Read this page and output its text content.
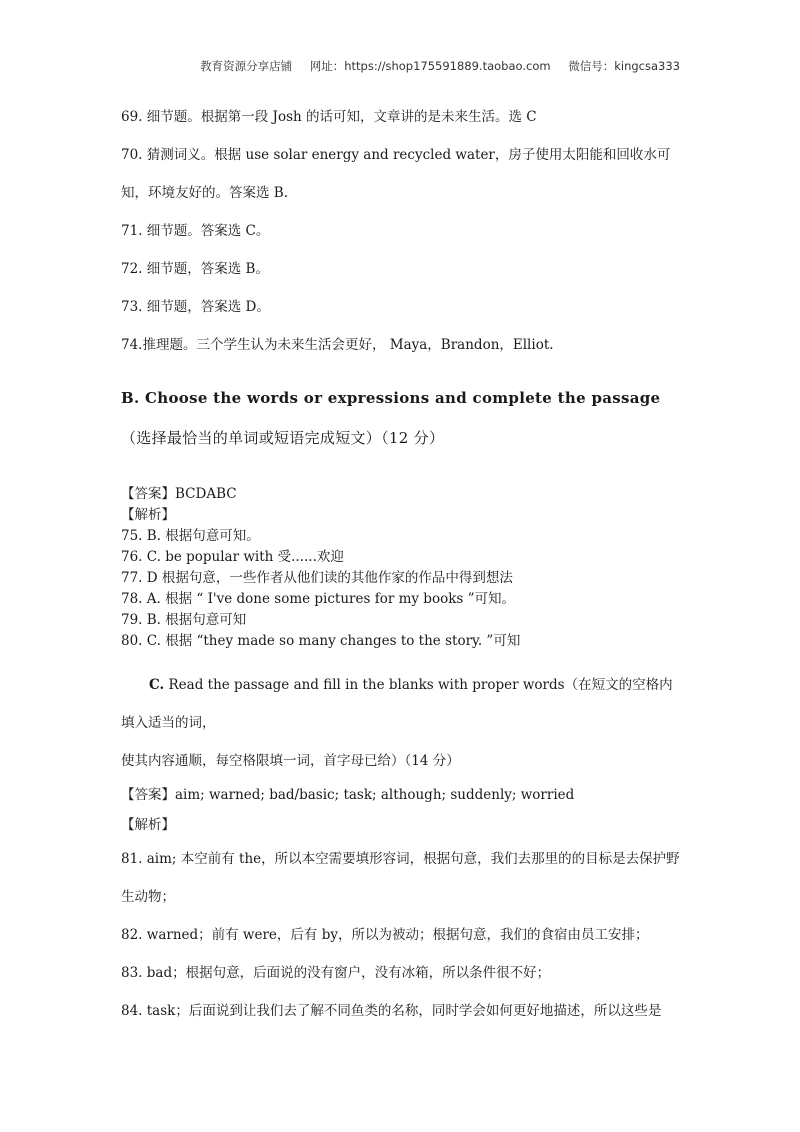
教育资源分享店铺 网址：https://shop175591889.taobao.com 微信号：kingcsa333

69. 细节题。根据第一段 Josh 的话可知，文章讲的是未来生活。选 C

70. 猜测词义。根据 use solar energy and recycled water，房子使用太阳能和回收水可知，环境友好的。答案选 B.

71. 细节题。答案选 C。

72. 细节题，答案选 B。

73. 细节题，答案选 D。

74.推理题。三个学生认为未来生活会更好， Maya，Brandon，Elliot.

B. Choose the words or expressions and complete the passage（选择最恰当的单词或短语完成短文）（12 分）

【答案】BCDABC

【解析】

75. B. 根据句意可知。

76. C. be popular with 受......欢迎

77. D 根据句意，一些作者从他们读的其他作家的作品中得到想法

78. A. 根据 “ I've done some pictures for my books ”可知。

79. B. 根据句意可知

80. C. 根据 “they made so many changes to the story. ”可知

C. Read the passage and fill in the blanks with proper words（在短文的空格内填入适当的词，

使其内容通顺，每空格限填一词，首字母已给）（14 分）

【答案】aim; warned; bad/basic; task; although; suddenly; worried

【解析】

81. aim; 本空前有 the，所以本空需要填形容词，根据句意，我们去那里的的目标是去保护野生动物；

82. warned；前有 were，后有 by，所以为被动；根据句意，我们的食宿由员工安排；

83. bad；根据句意，后面说的没有窗户，没有冰箱，所以条件很不好；

84. task；后面说到让我们去了解不同鱼类的名称，同时学会如何更好地描述，所以这些是
